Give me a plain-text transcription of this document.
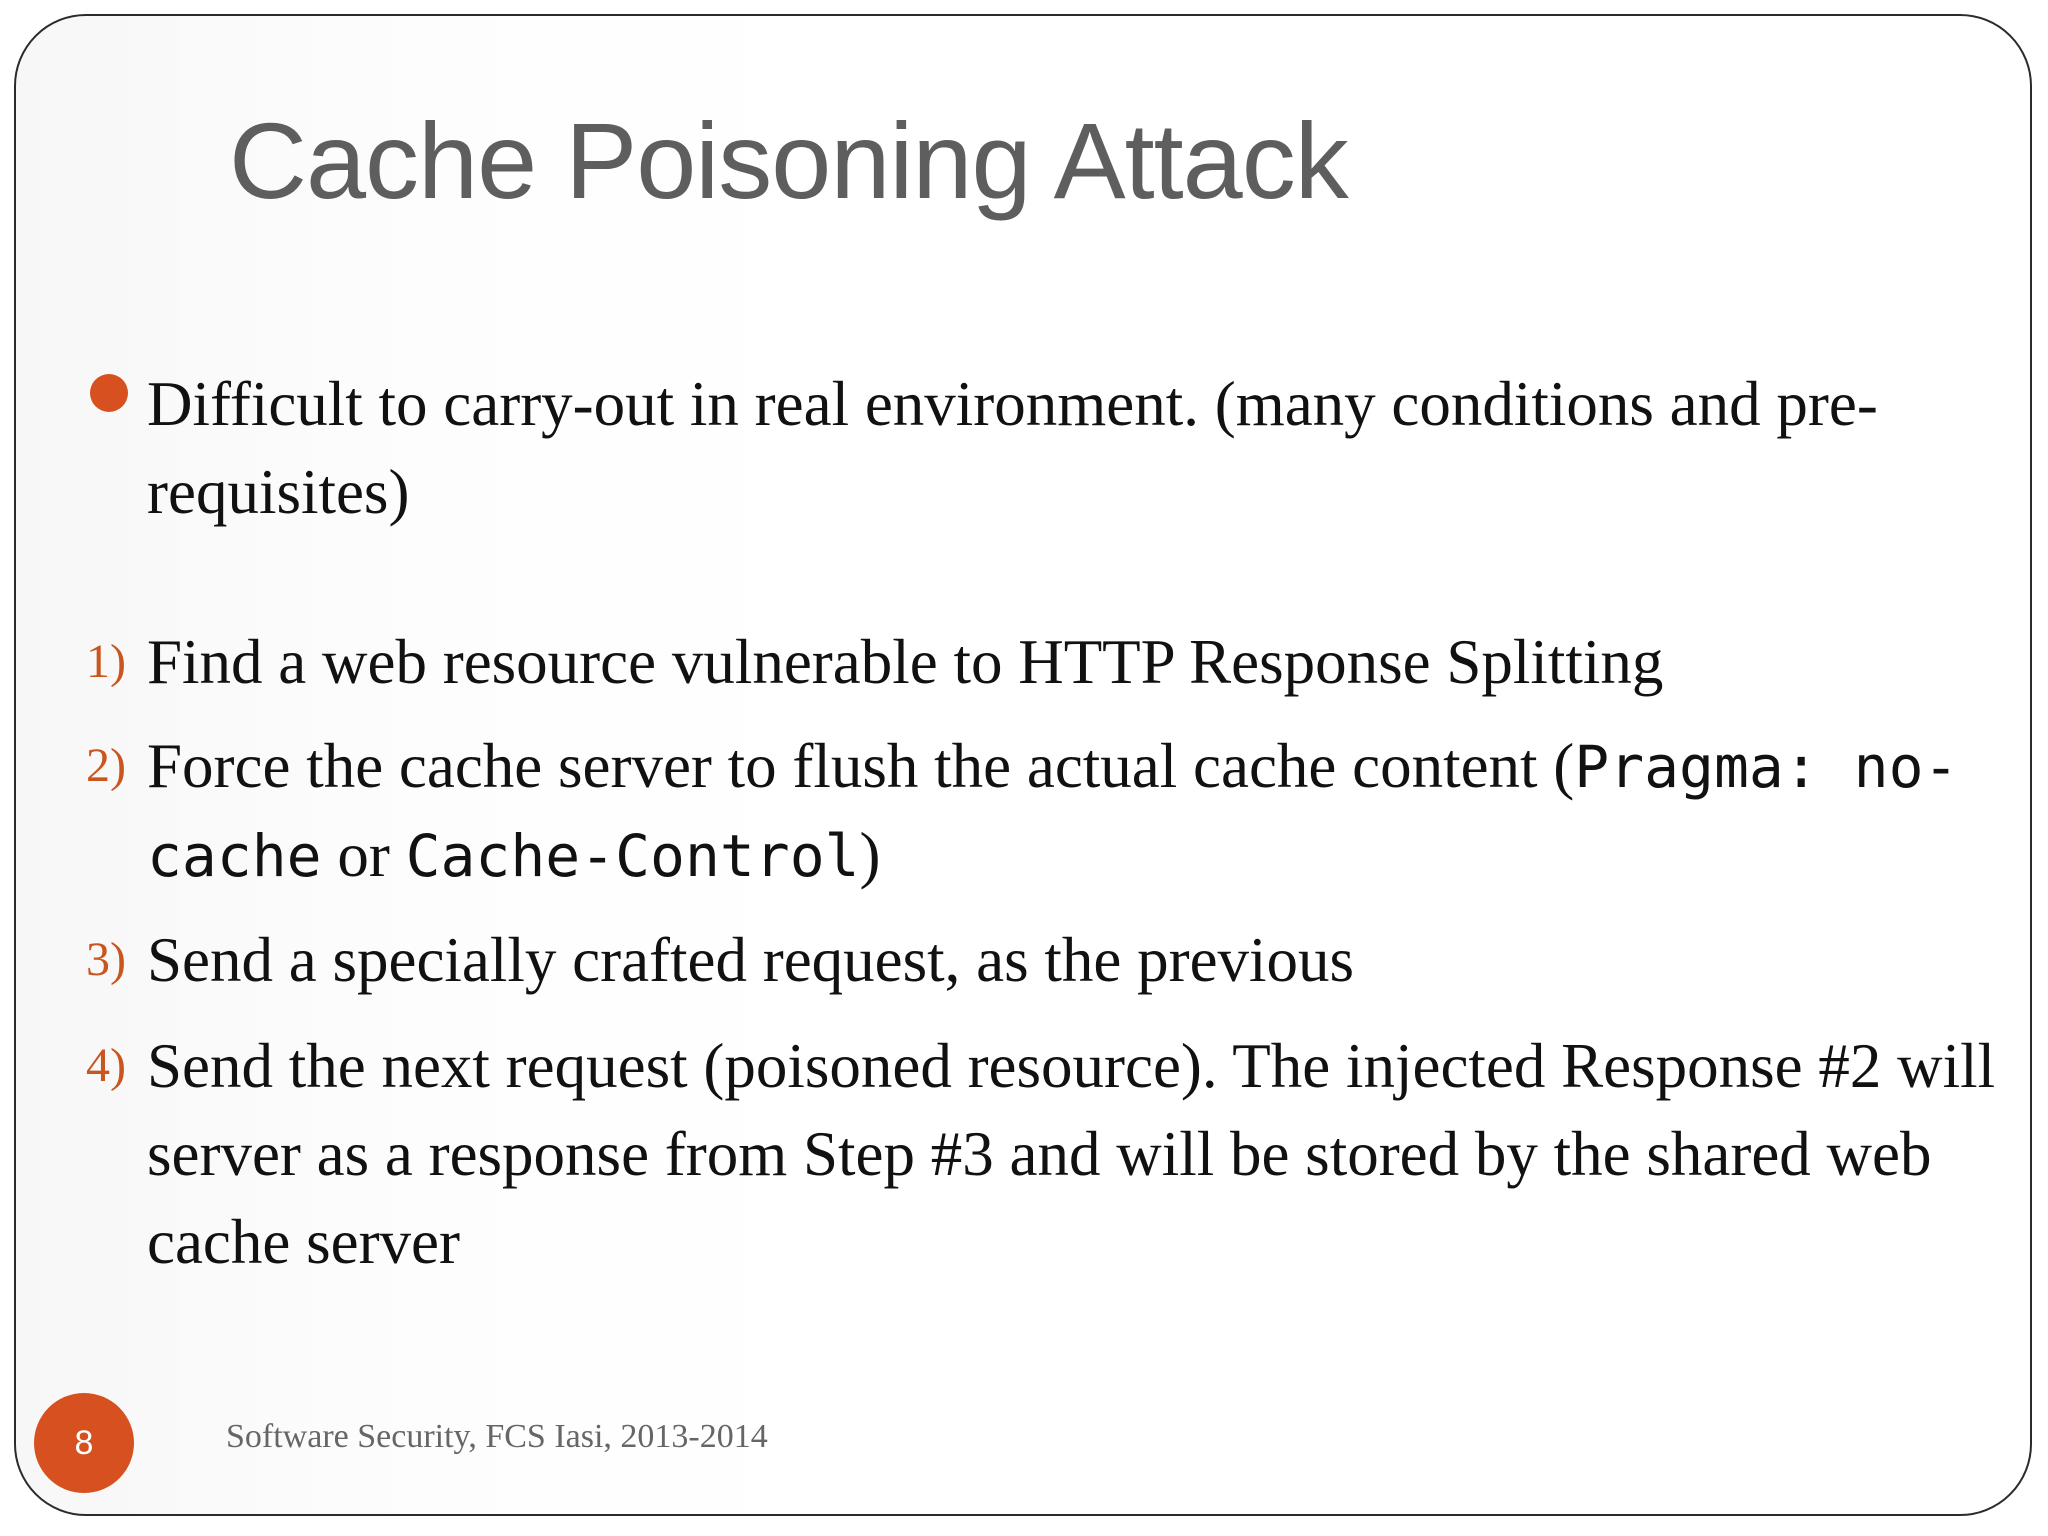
Cache Poisoning Attack
Difficult to carry-out in real environment. (many conditions and pre-requisites)
1) Find a web resource vulnerable to HTTP Response Splitting
2) Force the cache server to flush the actual cache content (Pragma: no-cache or Cache-Control)
3) Send a specially crafted request, as the previous
4) Send the next request (poisoned resource). The injected Response #2 will server as a response from Step #3 and will be stored by the shared web cache server
8	Software Security, FCS Iasi, 2013-2014
